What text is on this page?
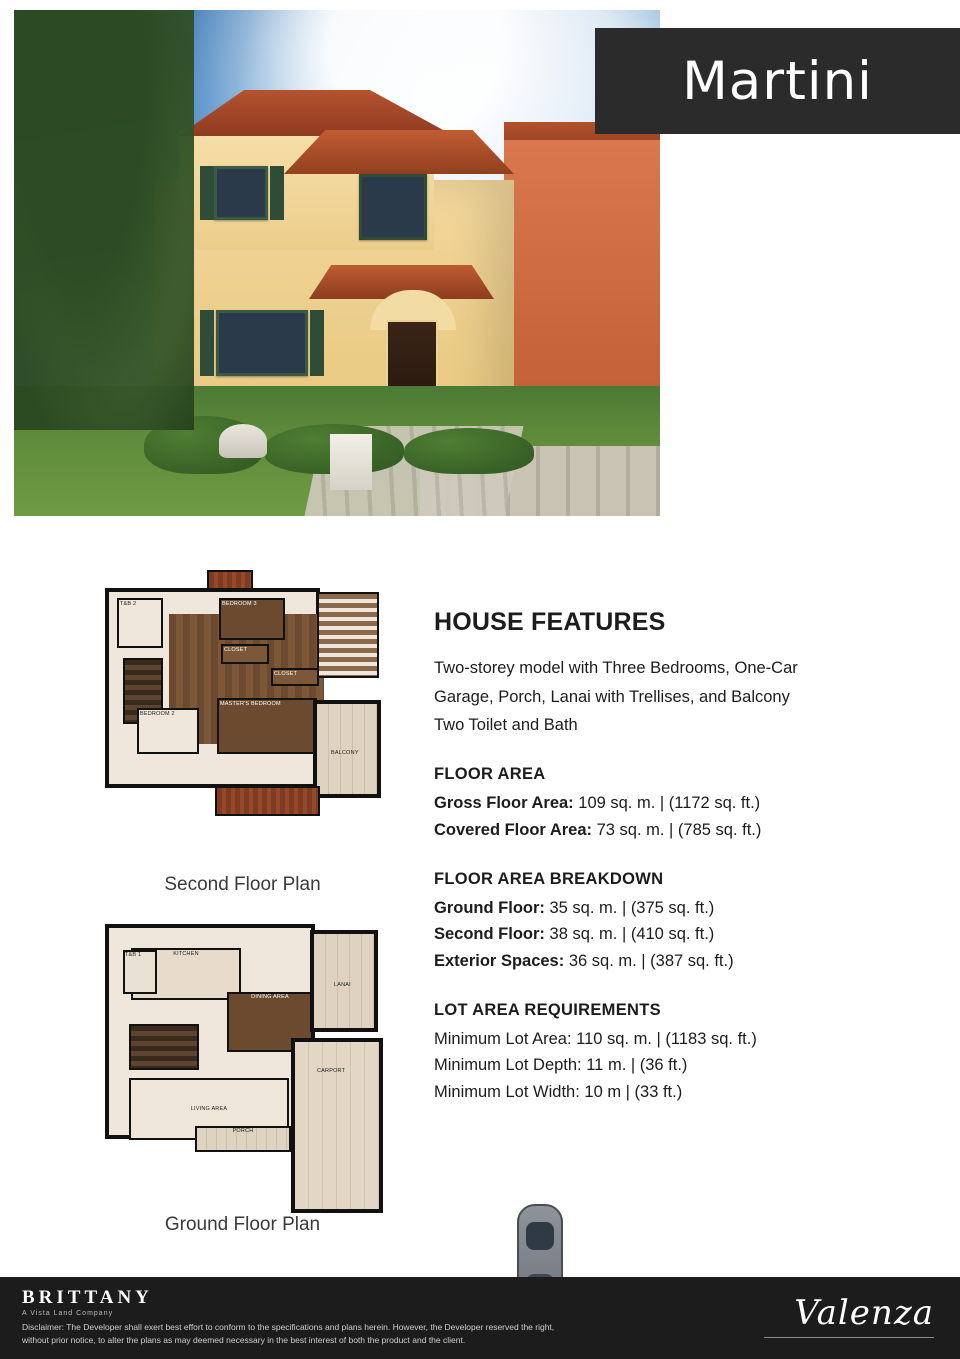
Martini
T&B 2	BEDROOM 3
CLOSET
CLOSET
MASTER'S BEDROOM
BEDROOM 2
BALCONY
Second Floor Plan
KITCHEN
T&B 1
DINING AREA
LIVING AREA
LANAI
CARPORT
PORCH
Ground Floor Plan
HOUSE FEATURES

Two-storey model with Three Bedrooms, One-Car

Garage, Porch, Lanai with Trellises, and Balcony

Two Toilet and Bath

FLOOR AREA
Gross Floor Area: 109 sq. m. | (1172 sq. ft.)
Covered Floor Area: 73 sq. m. | (785 sq. ft.)
FLOOR AREA BREAKDOWN
Ground Floor: 35 sq. m. | (375 sq. ft.)
Second Floor: 38 sq. m. | (410 sq. ft.)
Exterior Spaces: 36 sq. m. | (387 sq. ft.)
LOT AREA REQUIREMENTS
Minimum Lot Area: 110 sq. m. | (1183 sq. ft.)
Minimum Lot Depth: 11 m. | (36 ft.)
Minimum Lot Width: 10 m | (33 ft.)
BRITTANY
A Vista Land Company
Disclaimer: The Developer shall exert best effort to conform to the specifications and plans herein. However, the Developer reserved the right, without prior notice, to alter the plans as may deemed necessary in the best interest of both the product and the client.
Valenza
